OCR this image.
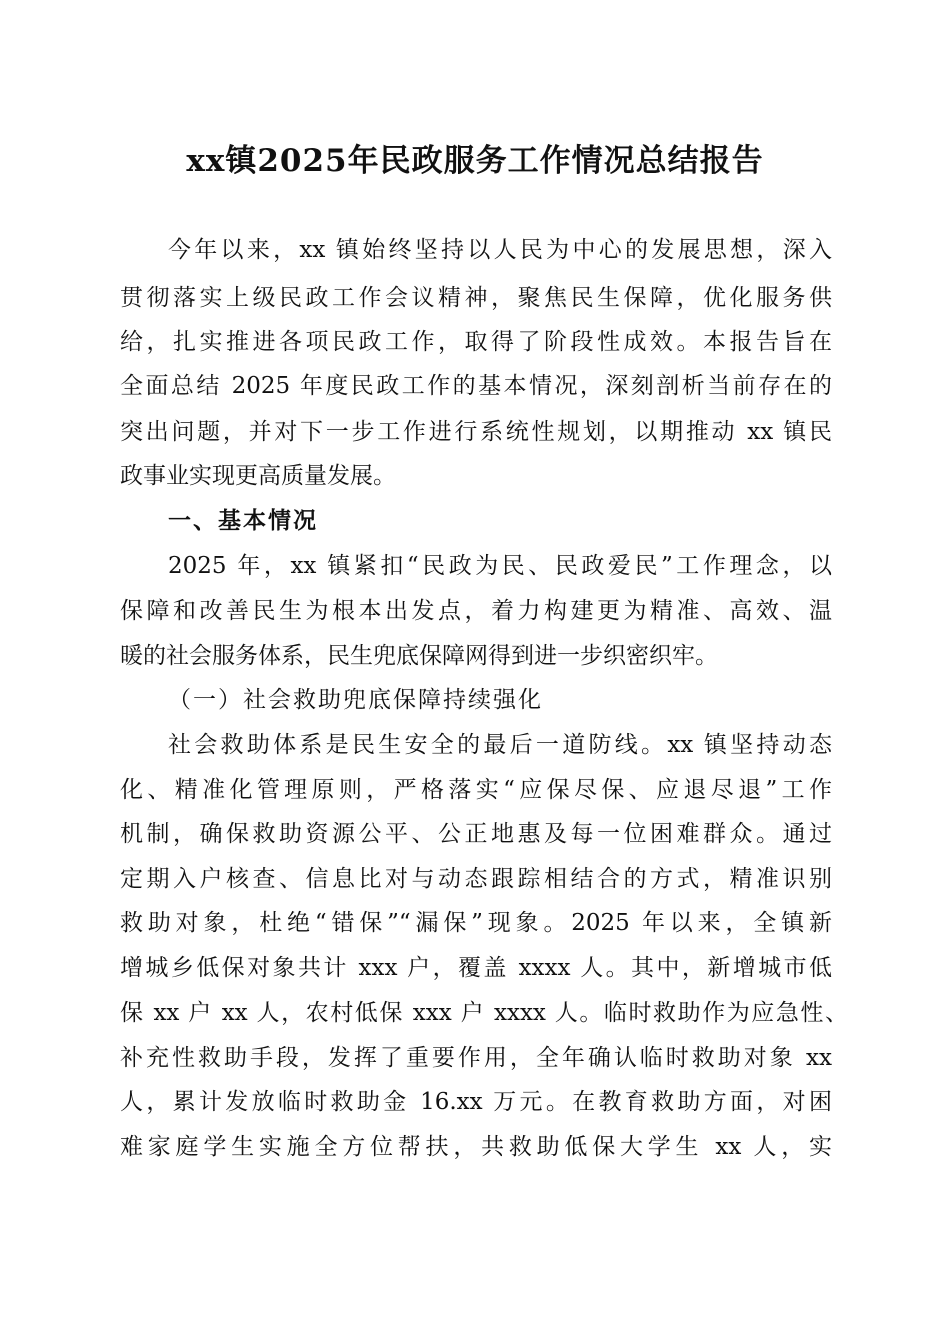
xx镇2025年民政服务工作情况总结报告
今年以来，xx 镇始终坚持以人民为中心的发展思想，深入
贯彻落实上级民政工作会议精神，聚焦民生保障，优化服务供
给，扎实推进各项民政工作，取得了阶段性成效。本报告旨在
全面总结 2025 年度民政工作的基本情况，深刻剖析当前存在的
突出问题，并对下一步工作进行系统性规划，以期推动 xx 镇民
政事业实现更高质量发展。
一、基本情况
2025 年，xx 镇紧扣“民政为民、民政爱民”工作理念，以
保障和改善民生为根本出发点，着力构建更为精准、高效、温
暖的社会服务体系，民生兜底保障网得到进一步织密织牢。
（一）社会救助兜底保障持续强化
社会救助体系是民生安全的最后一道防线。xx 镇坚持动态
化、精准化管理原则，严格落实“应保尽保、应退尽退”工作
机制，确保救助资源公平、公正地惠及每一位困难群众。通过
定期入户核查、信息比对与动态跟踪相结合的方式，精准识别
救助对象，杜绝“错保”“漏保”现象。2025 年以来，全镇新
增城乡低保对象共计 xxx 户，覆盖 xxxx 人。其中，新增城市低
保 xx 户 xx 人，农村低保 xxx 户 xxxx 人。临时救助作为应急性、
补充性救助手段，发挥了重要作用，全年确认临时救助对象 xx
人，累计发放临时救助金 16.xx 万元。在教育救助方面，对困
难家庭学生实施全方位帮扶，共救助低保大学生 xx 人，实
